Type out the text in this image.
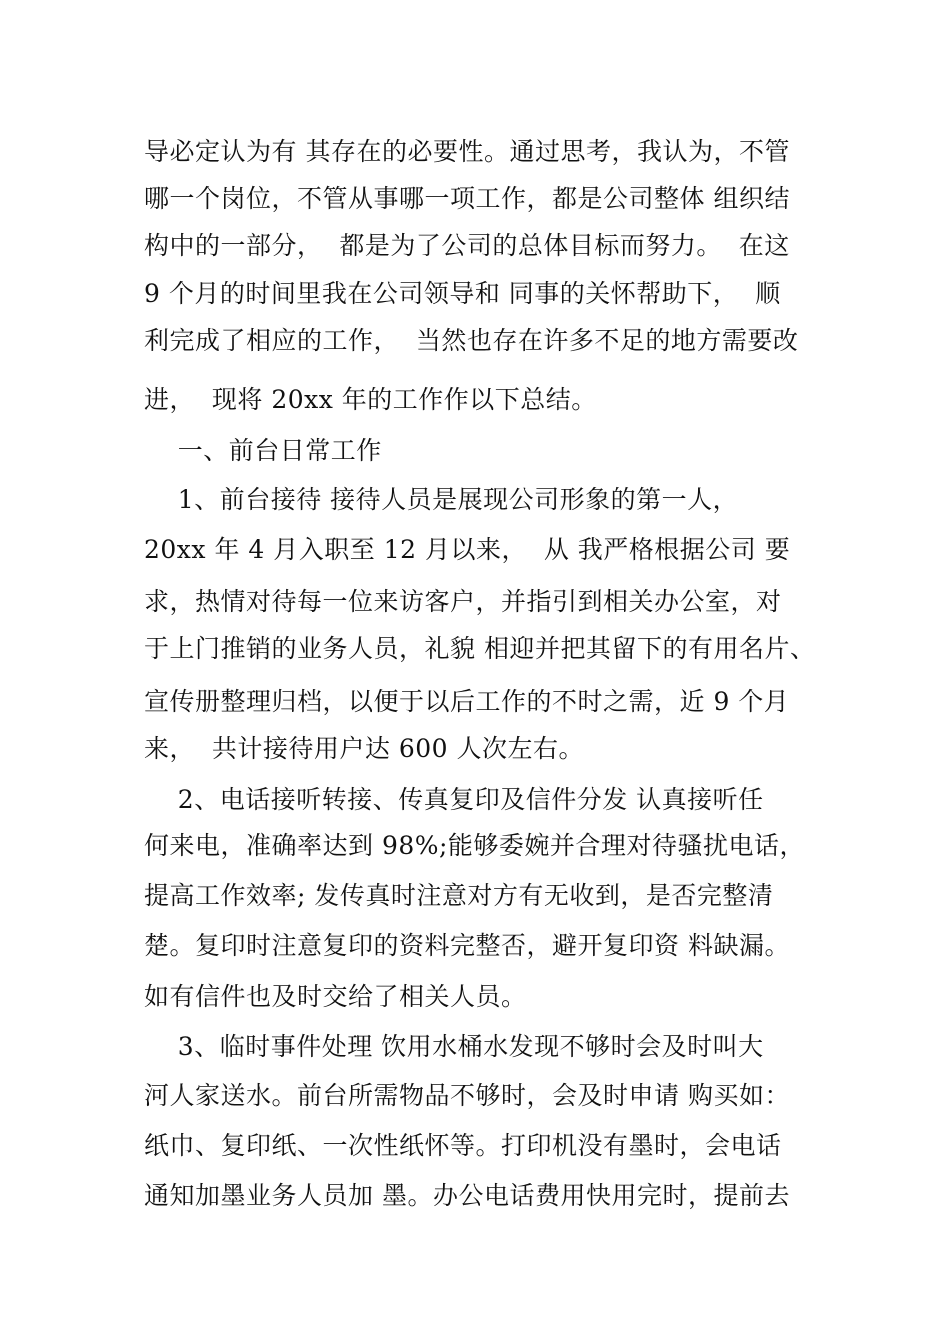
导必定认为有 其存在的必要性。通过思考，我认为，不管
哪一个岗位，不管从事哪一项工作，都是公司整体 组织结
构中的一部分，  都是为了公司的总体目标而努力。  在这
9 个月的时间里我在公司领导和 同事的关怀帮助下，  顺
利完成了相应的工作，  当然也存在许多不足的地方需要改
进，  现将 20xx 年的工作作以下总结。
一、前台日常工作
1、前台接待 接待人员是展现公司形象的第一人，
20xx 年 4 月入职至 12 月以来，  从 我严格根据公司 要
求，热情对待每一位来访客户，并指引到相关办公室，对
于上门推销的业务人员，礼貌 相迎并把其留下的有用名片、
宣传册整理归档，以便于以后工作的不时之需，近 9 个月
来，  共计接待用户达 600 人次左右。
2、电话接听转接、传真复印及信件分发 认真接听任
何来电，准确率达到 98%;能够委婉并合理对待骚扰电话，
提高工作效率; 发传真时注意对方有无收到，是否完整清
楚。复印时注意复印的资料完整否，避开复印资 料缺漏。
如有信件也及时交给了相关人员。
3、临时事件处理 饮用水桶水发现不够时会及时叫大
河人家送水。前台所需物品不够时，会及时申请 购买如：
纸巾、复印纸、一次性纸怀等。打印机没有墨时，会电话
通知加墨业务人员加 墨。办公电话费用快用完时，提前去
